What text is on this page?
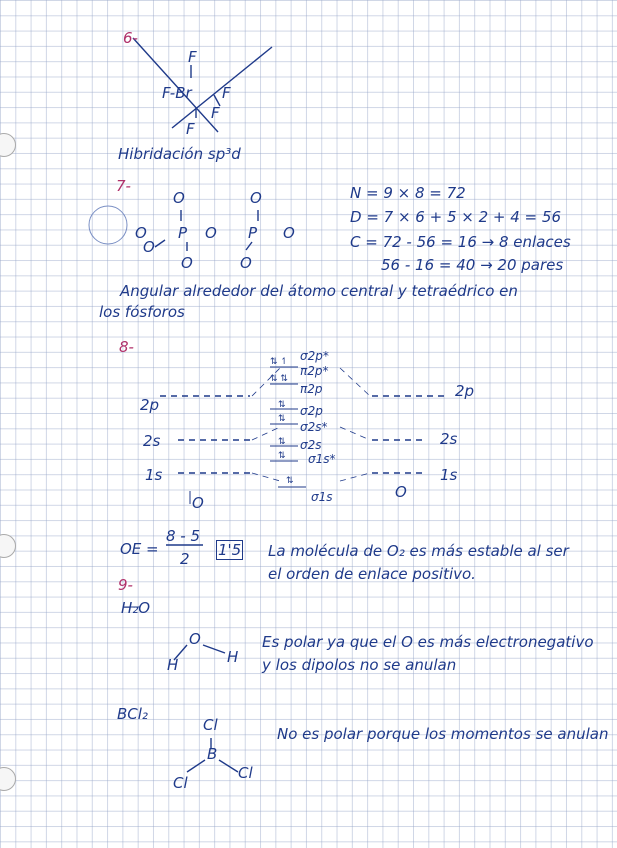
6-
F
F-Br F
F
F
Hibridación sp³d
7-
O	O
O P O P O
O
O	O
N = 9 × 8 = 72
D = 7 × 6 + 5 × 2 + 4 = 56
C = 72 - 56 = 16 → 8 enlaces
56 - 16 = 40 → 20 pares
Angular alrededor del átomo central y tetraédrico en
los fósforos
8-	σ2p*
π2p*
π2p
σ2p
σ2s*
σ2s
σ1s*
σ1s
⇅ ↿
⇅ ⇅
⇅
⇅
⇅
⇅
⇅
2p
2s
1s
2p
2s
1s
O
O
OE =
8 - 5
2 1'5 La molécula de O₂ es más estable al ser
el orden de enlace positivo.
9-
H₂O
O
H	H
Es polar ya que el O es más electronegativo
y los dipolos no se anulan
BCl₂
Cl
B
Cl
Cl
No es polar porque los momentos se anulan
